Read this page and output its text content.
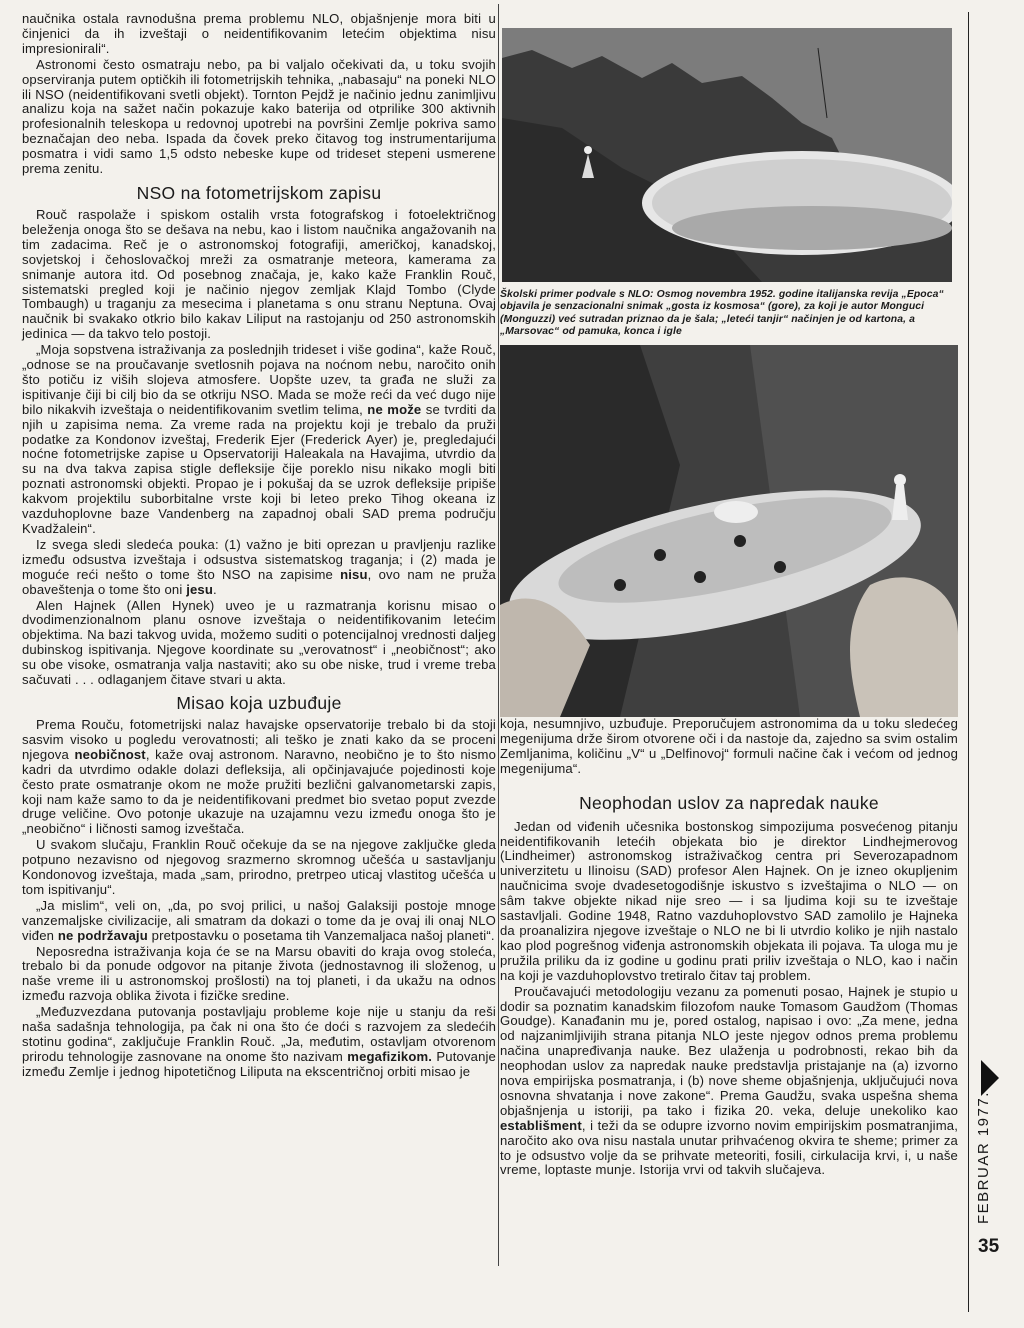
naučnika ostala ravnodušna prema problemu NLO, objašnjenje mora biti u činjenici da ih izveštaji o neidentifikovanim letećim objektima nisu impresionirali“.

Astronomi često osmatraju nebo, pa bi valjalo očekivati da, u toku svojih opserviranja putem optičkih ili fotometrijskih tehnika, „nabasaju“ na poneki NLO ili NSO (neidentifikovani svetli objekt). Tornton Pejdž je načinio jednu zanimljivu analizu koja na sažet način pokazuje kako baterija od otprilike 300 aktivnih profesionalnih teleskopa u redovnoj upotrebi na površini Zemlje pokriva samo beznačajan deo neba. Ispada da čovek preko čitavog tog instrumentarijuma posmatra i vidi samo 1,5 odsto nebeske kupe od trideset stepeni usmerene prema zenitu.

NSO na fotometrijskom zapisu

Rouč raspolaže i spiskom ostalih vrsta fotografskog i fotoelektričnog beleženja onoga što se dešava na nebu, kao i listom naučnika angažovanih na tim zadacima. Reč je o astronomskoj fotografiji, američkoj, kanadskoj, sovjetskoj i čehoslovačkoj mreži za osmatranje meteora, kamerama za snimanje autora itd. Od posebnog značaja, je, kako kaže Franklin Rouč, sistematski pregled koji je načinio njegov zemljak Klajd Tombo (Clyde Tombaugh) u traganju za mesecima i planetama s onu stranu Neptuna. Ovaj naučnik bi svakako otkrio bilo kakav Liliput na rastojanju od 250 astronomskih jedinica — da takvo telo postoji.

„Moja sopstvena istraživanja za poslednjih trideset i više godina“, kaže Rouč, „odnose se na proučavanje svetlosnih pojava na noćnom nebu, naročito onih što potiču iz viših slojeva atmosfere. Uopšte uzev, ta građa ne služi za ispitivanje čiji bi cilj bio da se otkriju NSO. Mada se može reći da već dugo nije bilo nikakvih izveštaja o neidentifikovanim svetlim telima, ne može se tvrditi da njih u zapisima nema. Za vreme rada na projektu koji je trebalo da pruži podatke za Kondonov izveštaj, Frederik Ejer (Frederick Ayer) je, pregledajući noćne fotometrijske zapise u Opservatoriji Haleakala na Havajima, utvrdio da su na dva takva zapisa stigle defleksije čije poreklo nisu nikako mogli biti poznati astronomski objekti. Propao je i pokušaj da se uzrok defleksije pripiše kakvom projektilu suborbitalne vrste koji bi leteo preko Tihog okeana iz vazduhoplovne baze Vandenberg na zapadnoj obali SAD prema području Kvadžalein“.

Iz svega sledi sledeća pouka: (1) važno je biti oprezan u pravljenju razlike između odsustva izveštaja i odsustva sistematskog traganja; i (2) mada je moguće reći nešto o tome što NSO na zapisime nisu, ovo nam ne pruža obaveštenja o tome što oni jesu.

Alen Hajnek (Allen Hynek) uveo je u razmatranja korisnu misao o dvodimenzionalnom planu osnove izveštaja o neidentifikovanim letećim objektima. Na bazi takvog uvida, možemo suditi o potencijalnoj vrednosti daljeg dubinskog ispitivanja. Njegove koordinate su „verovatnost“ i „neobičnost“; ako su obe visoke, osmatranja valja nastaviti; ako su obe niske, trud i vreme treba sačuvati . . . odlaganjem čitave stvari u akta.

Misao koja uzbuđuje

Prema Rouču, fotometrijski nalaz havajske opservatorije trebalo bi da stoji sasvim visoko u pogledu verovatnosti; ali teško je znati kako da se proceni njegova neobičnost, kaže ovaj astronom. Naravno, neobično je to što nismo kadri da utvrdimo odakle dolazi defleksija, ali opčinjavajuće pojedinosti koje često prate osmatranje okom ne može pružiti bezlični galvanometarski zapis, koji nam kaže samo to da je neidentifikovani predmet bio svetao poput zvezde druge veličine. Ovo potonje ukazuje na uzajamnu vezu između onoga što je „neobično“ i ličnosti samog izveštača.

U svakom slučaju, Franklin Rouč očekuje da se na njegove zaključke gleda potpuno nezavisno od njegovog srazmerno skromnog učešća u sastavljanju Kondonovog izveštaja, mada „sam, prirodno, pretrpeo uticaj vlastitog učešća u tom ispitivanju“.

„Ja mislim“, veli on, „da, po svoj prilici, u našoj Galaksiji postoje mnoge vanzemaljske civilizacije, ali smatram da dokazi o tome da je ovaj ili onaj NLO viđen ne podržavaju pretpostavku o posetama tih Vanzemaljaca našoj planeti“.

Neposredna istraživanja koja će se na Marsu obaviti do kraja ovog stoleća, trebalo bi da ponude odgovor na pitanje života (jednostavnog ili složenog, u naše vreme ili u astronomskoj prošlosti) na toj planeti, i da ukažu na odnos između razvoja oblika života i fizičke sredine.

„Međuzvezdana putovanja postavljaju probleme koje nije u stanju da reši naša sadašnja tehnologija, pa čak ni ona što će doći s razvojem za sledećih stotinu godina“, zaključuje Franklin Rouč. „Ja, međutim, ostavljam otvorenom prirodu tehnologije zasnovane na onome što nazivam megafizikom. Putovanje između Zemlje i jednog hipotetičnog Liliputa na ekscentričnoj orbiti misao je

Školski primer podvale s NLO: Osmog novembra 1952. godine italijanska revija „Epoca“ objavila je senzacionalni snimak „gosta iz kosmosa“ (gore), za koji je autor Monguci (Monguzzi) već sutradan priznao da je šala; „leteći tanjir“ načinjen je od kartona, a „Marsovac“ od pamuka, konca i igle

koja, nesumnjivo, uzbuđuje. Preporučujem astronomima da u toku sledećeg megenijuma drže širom otvorene oči i da nastoje da, zajedno sa svim ostalim Zemljanima, količinu „V“ u „Delfinovoj“ formuli načine čak i većom od jednog megenijuma“.

Neophodan uslov za napredak nauke

Jedan od viđenih učesnika bostonskog simpozijuma posvećenog pitanju neidentifikovanih letećih objekata bio je direktor Lindhejmerovog (Lindheimer) astronomskog istraživačkog centra pri Severozapadnom univerzitetu u Ilinoisu (SAD) profesor Alen Hajnek. On je izneo okupljenim naučnicima svoje dvadesetogodišnje iskustvo s izveštajima o NLO — on sâm takve objekte nikad nije sreo — i sa ljudima koji su te izveštaje sastavljali. Godine 1948, Ratno vazduhoplovstvo SAD zamolilo je Hajneka da proanalizira njegove izveštaje o NLO ne bi li utvrdio koliko je njih nastalo kao plod pogrešnog viđenja astronomskih objekata ili pojava. Ta uloga mu je pružila priliku da iz godine u godinu prati priliv izveštaja o NLO, kao i način na koji je vazduhoplovstvo tretiralo čitav taj problem.

Proučavajući metodologiju vezanu za pomenuti posao, Hajnek je stupio u dodir sa poznatim kanadskim filozofom nauke Tomasom Gaudžom (Thomas Goudge). Kanađanin mu je, pored ostalog, napisao i ovo: „Za mene, jedna od najzanimljivijih strana pitanja NLO jeste njegov odnos prema problemu načina unapređivanja nauke. Bez ulaženja u podrobnosti, rekao bih da neophodan uslov za napredak nauke predstavlja pristajanje na (a) izvorno nova empirijska posmatranja, i (b) nove sheme objašnjenja, uključujući nova osnovna shvatanja i nove zakone“. Prema Gaudžu, svaka uspešna shema objašnjenja u istoriji, pa tako i fizika 20. veka, deluje unekoliko kao establišment, i teži da se odupre izvorno novim empirijskim posmatranjima, naročito ako ova nisu nastala unutar prihvaćenog okvira te sheme; primer za to je odsustvo volje da se prihvate meteoriti, fosili, cirkulacija krvi, i, u naše vreme, loptaste munje. Istorija vrvi od takvih slučajeva.	FEBRUAR 1977.
35
